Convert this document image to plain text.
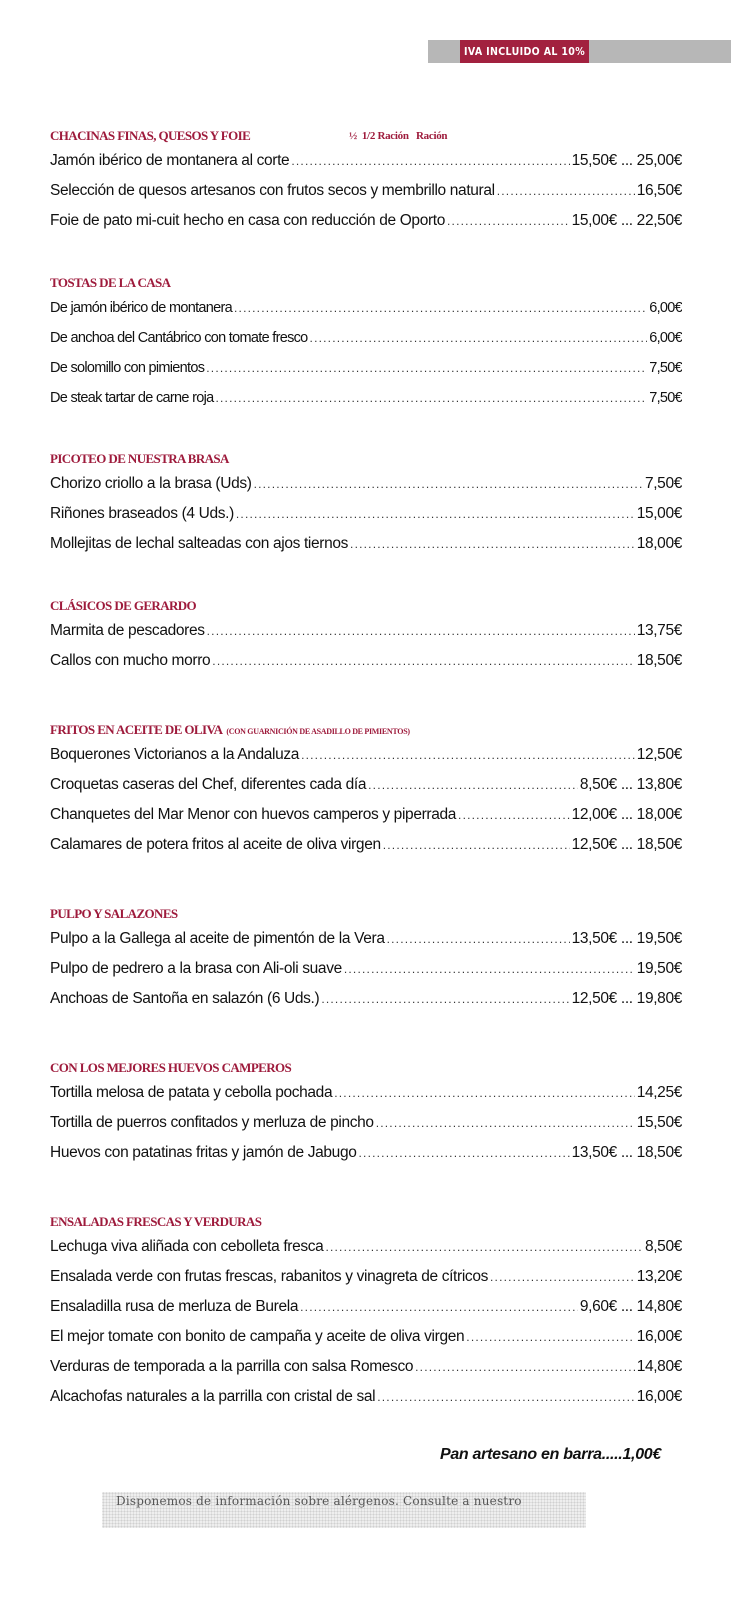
IVA INCLUIDO AL 10%
CHACINAS FINAS, QUESOS Y FOIE	½ 1/2 Ración Ración
Jamón ibérico de montanera al corte .....	15,50€ ... 25,00€
Selección de quesos artesanos con frutos secos y membrillo natural .....	16,50€
Foie de pato mi-cuit hecho en casa con reducción de Oporto .....	15,00€ ... 22,50€
TOSTAS DE LA CASA
De jamón ibérico de montanera .....	6,00€
De anchoa del Cantábrico con tomate fresco .....	6,00€
De solomillo con pimientos .....	7,50€
De steak tartar de carne roja .....	7,50€
PICOTEO DE NUESTRA BRASA
Chorizo criollo a la brasa (Uds) .....	7,50€
Riñones braseados (4 Uds.) .....	15,00€
Mollejitas de lechal salteadas con ajos tiernos .....	18,00€
CLÁSICOS DE GERARDO
Marmita de pescadores .....	13,75€
Callos con mucho morro .....	18,50€
FRITOS EN ACEITE DE OLIVA (CON GUARNICIÓN DE ASADILLO DE PIMIENTOS)
Boquerones Victorianos a la Andaluza .....	12,50€
Croquetas caseras del Chef, diferentes cada día .....	8,50€ ... 13,80€
Chanquetes del Mar Menor con huevos camperos y piperrada .....	12,00€ ... 18,00€
Calamares de potera fritos al aceite de oliva virgen .....	12,50€ ... 18,50€
PULPO Y SALAZONES
Pulpo a la Gallega al aceite de pimentón de la Vera .....	13,50€ ... 19,50€
Pulpo de pedrero a la brasa con Ali-oli suave .....	19,50€
Anchoas de Santoña en salazón (6 Uds.) .....	12,50€ ... 19,80€
CON LOS MEJORES HUEVOS CAMPEROS
Tortilla melosa de patata y cebolla pochada .....	14,25€
Tortilla de puerros confitados y merluza de pincho .....	15,50€
Huevos con patatinas fritas y jamón de Jabugo .....	13,50€ ... 18,50€
ENSALADAS FRESCAS Y VERDURAS
Lechuga viva aliñada con cebolleta fresca .....	8,50€
Ensalada verde con frutas frescas, rabanitos y vinagreta de cítricos .....	13,20€
Ensaladilla rusa de merluza de Burela .....	9,60€ ... 14,80€
El mejor tomate con bonito de campaña y aceite de oliva virgen .....	16,00€
Verduras de temporada a la parrilla con salsa Romesco .....	14,80€
Alcachofas naturales a la parrilla con cristal de sal .....	16,00€
Pan artesano en barra.....1,00€
Disponemos de información sobre alérgenos. Consulte a nuestro
